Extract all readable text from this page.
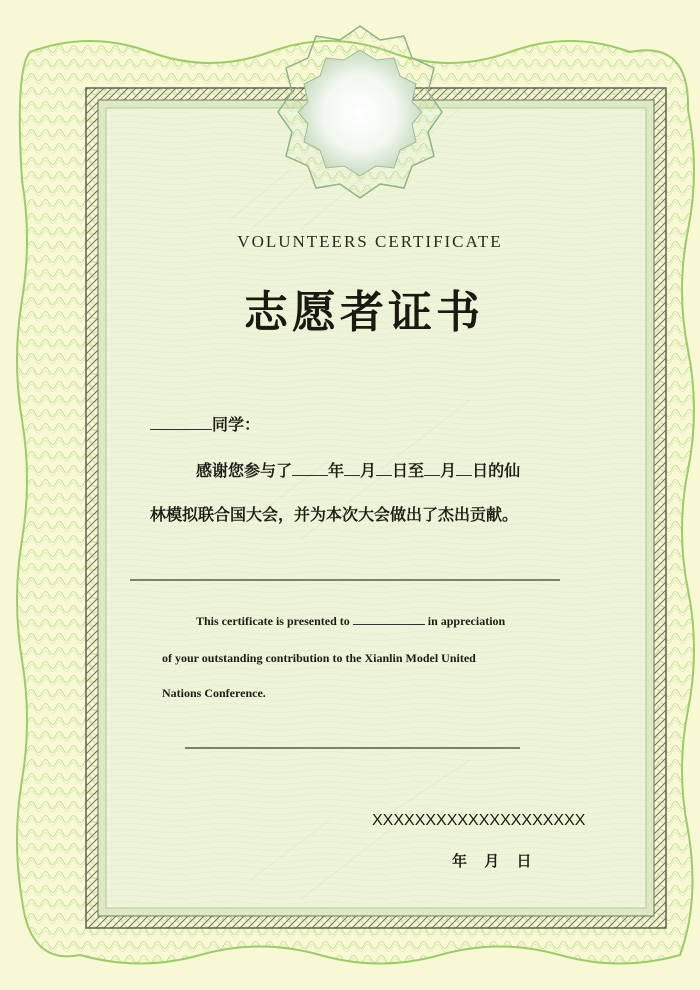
VOLUNTEERS CERTIFICATE
志愿者证书
同学：
感谢您参与了 年 月 日至 月 日的仙
林模拟联合国大会，并为本次大会做出了杰出贡献。
This certificate is presented to	in appreciation
of your outstanding contribution to the Xianlin Model United
Nations Conference.
XXXXXXXXXXXXXXXXXXXX
年 月 日
